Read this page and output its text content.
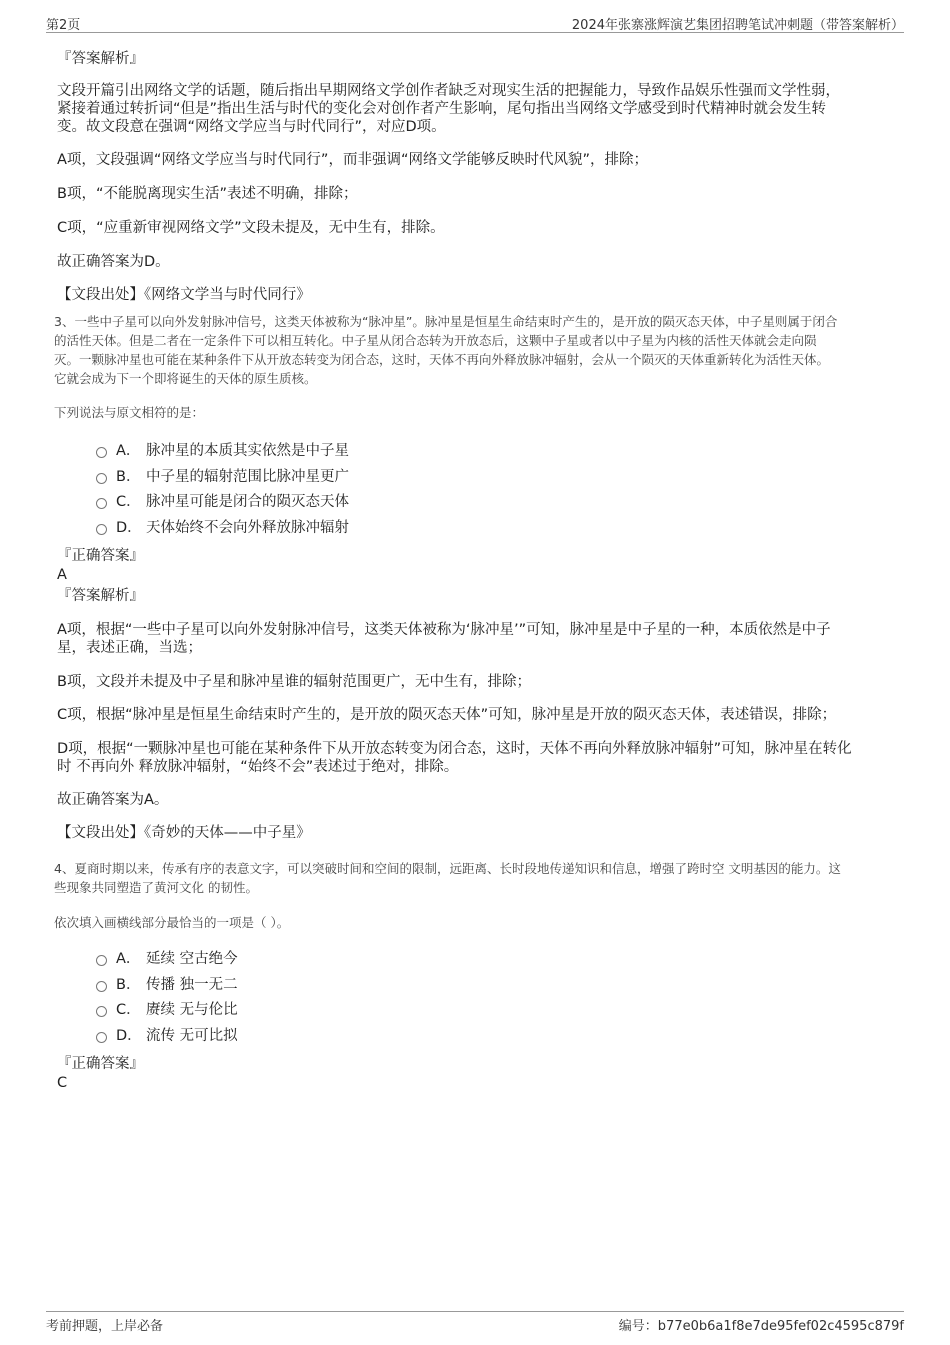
第2页	2024年张寨涨辉演艺集团招聘笔试冲刺题（带答案解析）
『答案解析』
文段开篇引出网络文学的话题，随后指出早期网络文学创作者缺乏对现实生活的把握能力，导致作品娱乐性强而文学性弱，
紧接着通过转折词“但是”指出生活与时代的变化会对创作者产生影响，尾句指出当网络文学感受到时代精神时就会发生转
变。故文段意在强调“网络文学应当与时代同行”，对应D项。
A项，文段强调“网络文学应当与时代同行”，而非强调“网络文学能够反映时代风貌”，排除；
B项，“不能脱离现实生活”表述不明确，排除；
C项，“应重新审视网络文学”文段未提及，无中生有，排除。
故正确答案为D。
【文段出处】《网络文学当与时代同行》
3、一些中子星可以向外发射脉冲信号，这类天体被称为“脉冲星”。脉冲星是恒星生命结束时产生的，是开放的陨灭态天体，中子星则属于闭合
的活性天体。但是二者在一定条件下可以相互转化。中子星从闭合态转为开放态后，这颗中子星或者以中子星为内核的活性天体就会走向陨
灭。一颗脉冲星也可能在某种条件下从开放态转变为闭合态，这时，天体不再向外释放脉冲辐射，会从一个陨灭的天体重新转化为活性天体。
它就会成为下一个即将诞生的天体的原生质核。
下列说法与原文相符的是：
A． 脉冲星的本质其实依然是中子星
B． 中子星的辐射范围比脉冲星更广
C． 脉冲星可能是闭合的陨灭态天体
D． 天体始终不会向外释放脉冲辐射
『正确答案』
A
『答案解析』
A项，根据“一些中子星可以向外发射脉冲信号，这类天体被称为‘脉冲星’”可知，脉冲星是中子星的一种，本质依然是中子
星，表述正确，当选；
B项，文段并未提及中子星和脉冲星谁的辐射范围更广，无中生有，排除；
C项，根据“脉冲星是恒星生命结束时产生的，是开放的陨灭态天体”可知，脉冲星是开放的陨灭态天体，表述错误，排除；
D项，根据“一颗脉冲星也可能在某种条件下从开放态转变为闭合态，这时，天体不再向外释放脉冲辐射”可知，脉冲星在转化
时 不再向外 释放脉冲辐射，“始终不会”表述过于绝对，排除。
故正确答案为A。
【文段出处】《奇妙的天体——中子星》
4、夏商时期以来，传承有序的表意文字，可以突破时间和空间的限制，远距离、长时段地传递知识和信息，增强了跨时空 文明基因的能力。这
些现象共同塑造了黄河文化 的韧性。
依次填入画横线部分最恰当的一项是（ ）。
A． 延续 空古绝今
B． 传播 独一无二
C． 赓续 无与伦比
D． 流传 无可比拟
『正确答案』
C
考前押题，上岸必备	编号：b77e0b6a1f8e7de95fef02c4595c879f
